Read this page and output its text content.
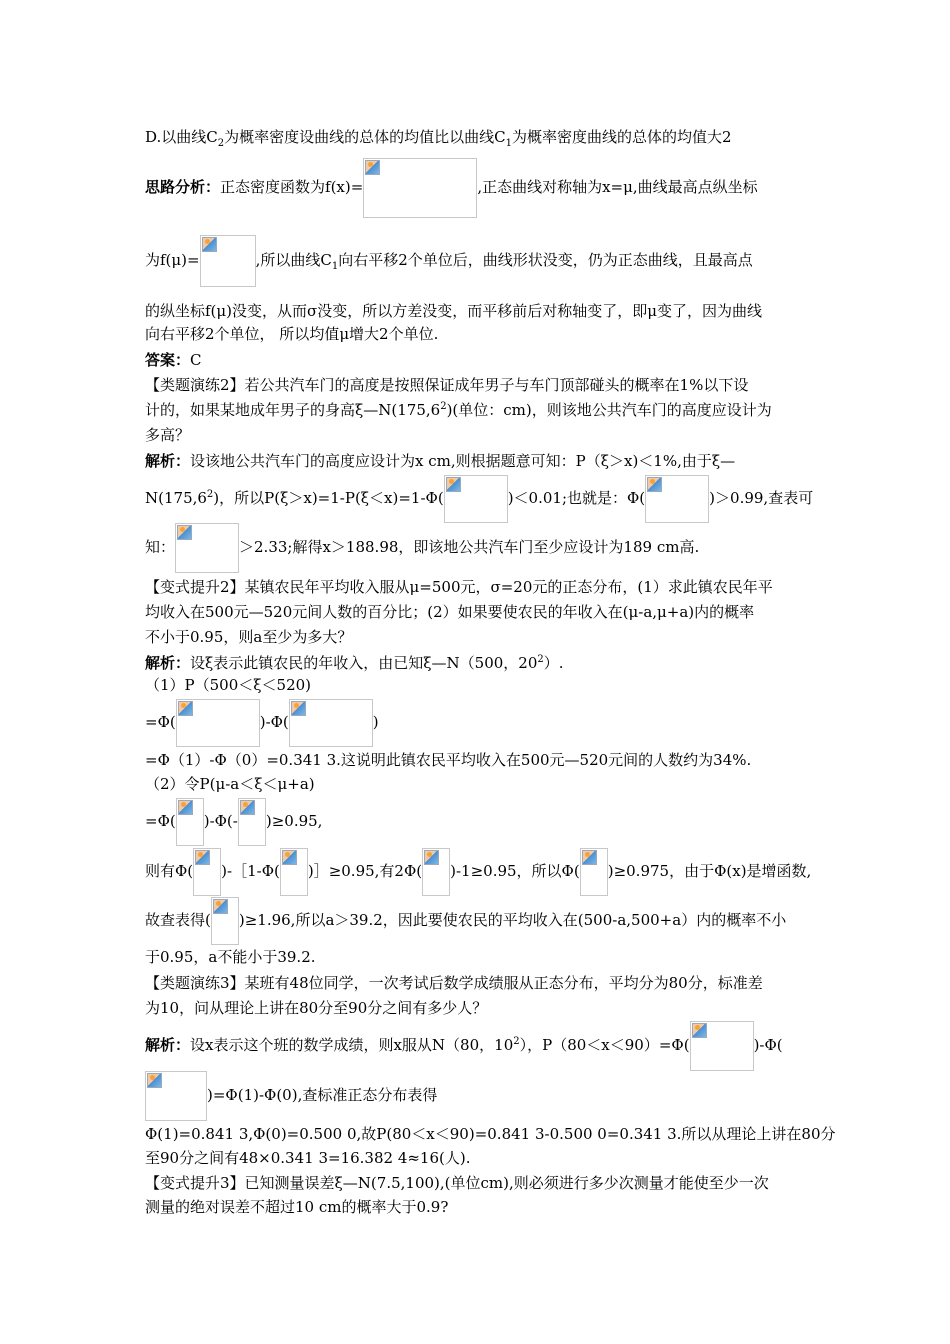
D.以曲线$C_2$为概率密度设曲线的总体的均值比以曲线$C_1$为概率密度曲线的总体的均值大2
思路分析：正态密度函数为f(x)=	,正态曲线对称轴为x=μ,曲线最高点纵坐标
为f(μ)=	,所以曲线$C_1$向右平移2个单位后，曲线形状没变，仍为正态曲线，且最高点
的纵坐标f(μ)没变，从而σ没变，所以方差没变，而平移前后对称轴变了，即μ变了，因为曲线
向右平移2个单位， 所以均值μ增大2个单位.
答案：C
【类题演练2】若公共汽车门的高度是按照保证成年男子与车门顶部碰头的概率在1%以下设
计的，如果某地成年男子的身高ξ—N(175,6$^2$)(单位：cm)，则该地公共汽车门的高度应设计为
多高？
解析：设该地公共汽车门的高度应设计为x cm,则根据题意可知：P（ξ＞x)＜1%,由于ξ—
N(175,6$^2$)，所以P(ξ＞x)=1-P(ξ＜x)=1-Φ(	)＜0.01;也就是：Φ(	)＞0.99,查表可
知：	＞2.33;解得x＞188.98，即该地公共汽车门至少应设计为189 cm高.
【变式提升2】某镇农民年平均收入服从μ=500元，σ=20元的正态分布，(1）求此镇农民年平
均收入在500元—520元间人数的百分比；(2）如果要使农民的年收入在(μ-a,μ+a)内的概率
不小于0.95，则a至少为多大？
解析：设ξ表示此镇农民的年收入，由已知ξ—N（500，$20^2$）.
（1）P（500＜ξ＜520)
=Φ(	)-Φ(	)
=Φ（1）-Φ（0）=0.341 3.这说明此镇农民平均收入在500元—520元间的人数约为34%.
（2）令P(μ-a＜ξ＜μ+a)
=Φ( )-Φ(- )≥0.95,
则有Φ( )-［1-Φ( )］≥0.95,有2Φ( )-1≥0.95，所以Φ( )≥0.975，由于Φ(x)是增函数,
故查表得( )≥1.96,所以a＞39.2，因此要使农民的平均收入在(500-a,500+a）内的概率不小
于0.95，a不能小于39.2.
【类题演练3】某班有48位同学，一次考试后数学成绩服从正态分布，平均分为80分，标准差
为10，问从理论上讲在80分至90分之间有多少人？
解析：设x表示这个班的数学成绩，则x服从N（80，$10^2$），P（80＜x＜90）=Φ(	)-Φ(
)=Φ(1)-Φ(0),查标准正态分布表得
Φ(1)=0.841 3,Φ(0)=0.500 0,故P(80＜x＜90)=0.841 3-0.500 0=0.341 3.所以从理论上讲在80分
至90分之间有48×0.341 3=16.382 4≈16(人).
【变式提升3】已知测量误差ξ—N(7.5,100),(单位cm),则必须进行多少次测量才能使至少一次
测量的绝对误差不超过10 cm的概率大于0.9?
